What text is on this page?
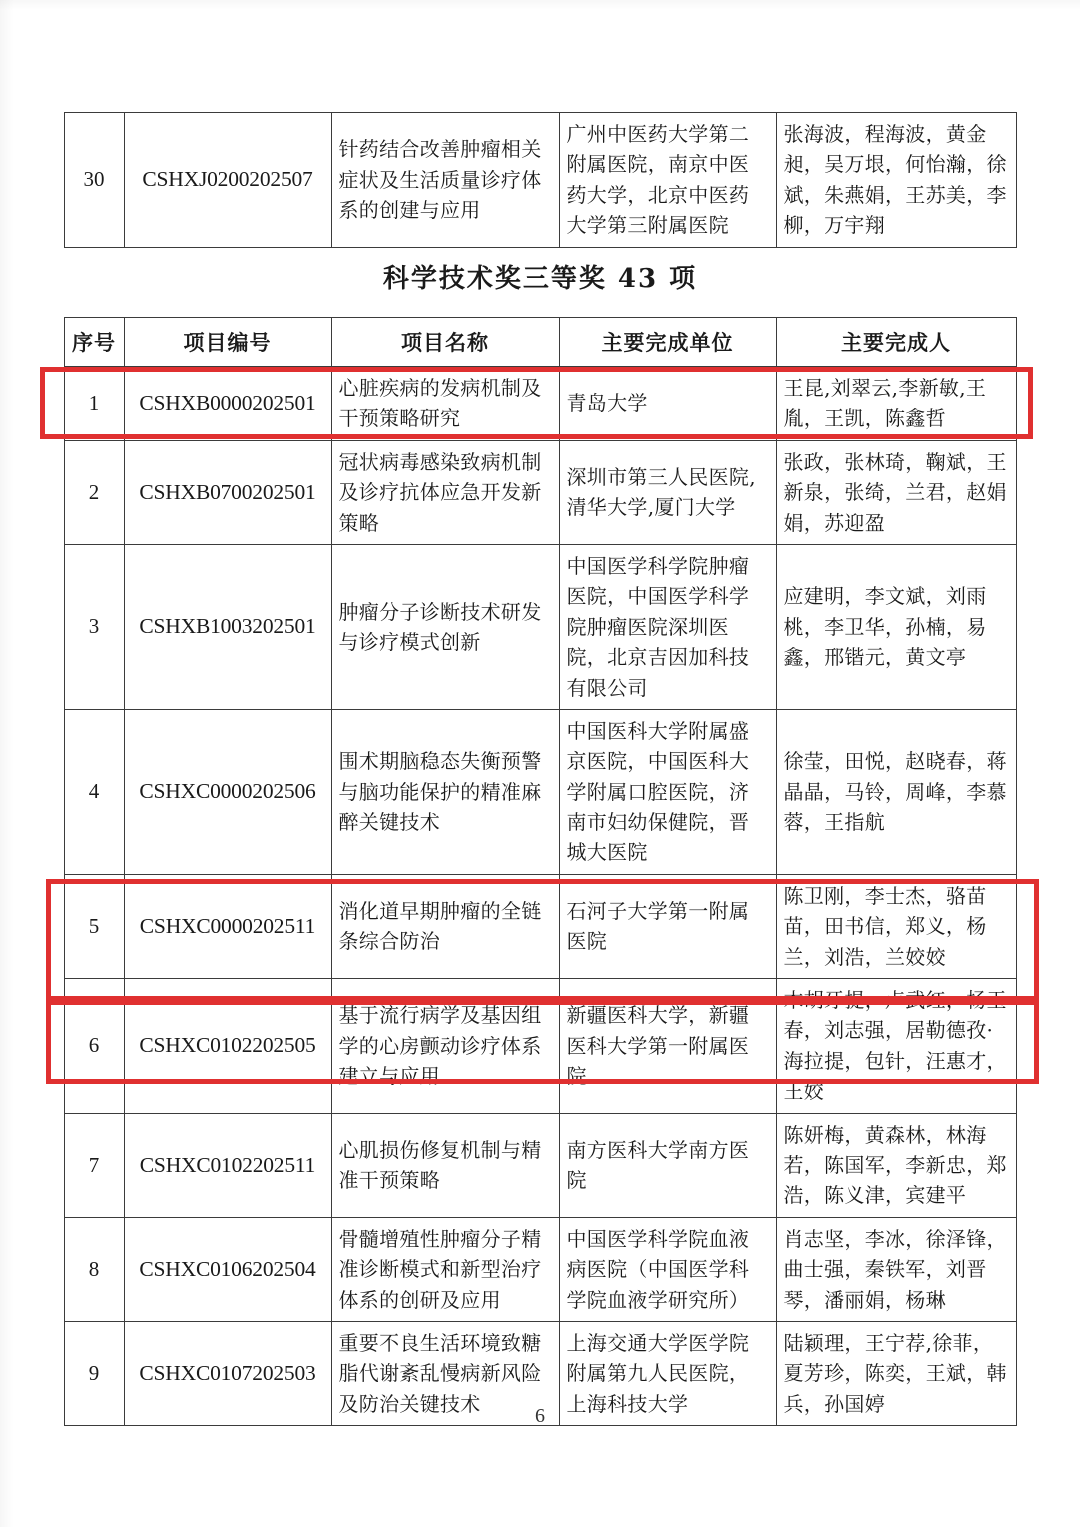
30	CSHXJ0200202507	针药结合改善肿瘤相关症状及生活质量诊疗体系的创建与应用	广州中医药大学第二附属医院，南京中医药大学，北京中医药大学第三附属医院	张海波，程海波，黄金昶，吴万垠，何怡瀚，徐斌，朱燕娟，王苏美，李柳，万宇翔
科学技术奖三等奖 43 项
序号	项目编号	项目名称	主要完成单位	主要完成人
1	CSHXB0000202501	心脏疾病的发病机制及干预策略研究	青岛大学	王昆,刘翠云,李新敏,王胤，王凯，陈鑫哲
2	CSHXB0700202501	冠状病毒感染致病机制及诊疗抗体应急开发新策略	深圳市第三人民医院,清华大学,厦门大学	张政，张林琦，鞠斌，王新泉，张绮，兰君，赵娟娟，苏迎盈
3	CSHXB1003202501	肿瘤分子诊断技术研发与诊疗模式创新	中国医学科学院肿瘤医院，中国医学科学院肿瘤医院深圳医院，北京吉因加科技有限公司	应建明，李文斌，刘雨桃，李卫华，孙楠，易鑫，邢锴元，黄文亭
4	CSHXC0000202506	围术期脑稳态失衡预警与脑功能保护的精准麻醉关键技术	中国医科大学附属盛京医院，中国医科大学附属口腔医院，济南市妇幼保健院，晋城大医院	徐莹，田悦，赵晓春，蒋晶晶，马铃，周峰，李慕蓉，王指航
5	CSHXC0000202511	消化道早期肿瘤的全链条综合防治	石河子大学第一附属医院	陈卫刚，李士杰，骆苗苗，田书信，郑义，杨兰，刘浩，兰姣姣
6	CSHXC0102202505	基于流行病学及基因组学的心房颤动诊疗体系建立与应用	新疆医科大学，新疆医科大学第一附属医院	木胡牙提，卢武红，杨玉春，刘志强，居勒德孜·海拉提，包针，汪惠才，王姣
7	CSHXC0102202511	心肌损伤修复机制与精准干预策略	南方医科大学南方医院	陈妍梅，黄森林，林海若，陈国军，李新忠，郑浩，陈义津，宾建平
8	CSHXC0106202504	骨髓增殖性肿瘤分子精准诊断模式和新型治疗体系的创研及应用	中国医学科学院血液病医院（中国医学科学院血液学研究所）	肖志坚，李冰，徐泽锋，曲士强，秦铁军，刘晋琴，潘丽娟，杨琳
9	CSHXC0107202503	重要不良生活环境致糖脂代谢紊乱慢病新风险及防治关键技术	上海交通大学医学院附属第九人民医院，上海科技大学	陆颖理，王宁荐,徐菲，夏芳珍，陈奕，王斌，韩兵，孙国婷
6
